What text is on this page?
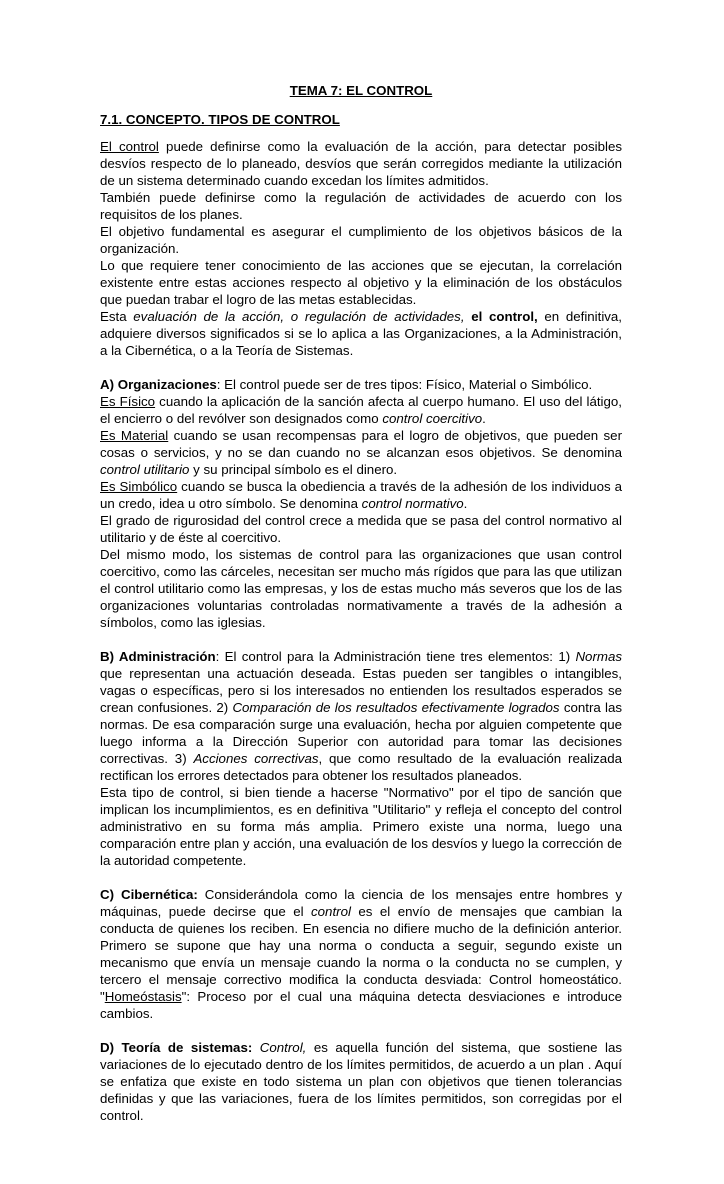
TEMA 7: EL CONTROL
7.1. CONCEPTO. TIPOS DE CONTROL

El control puede definirse como la evaluación de la acción, para detectar posibles desvíos respecto de lo planeado, desvíos que serán corregidos mediante la utilización de un sistema determinado cuando excedan los límites admitidos.

También puede definirse como la regulación de actividades de acuerdo con los requisitos de los planes.

El objetivo fundamental es asegurar el cumplimiento de los objetivos básicos de la organización.

Lo que requiere tener conocimiento de las acciones que se ejecutan, la correlación existente entre estas acciones respecto al objetivo y la eliminación de los obstáculos que puedan trabar el logro de las metas establecidas.

Esta evaluación de la acción, o regulación de actividades, el control, en definitiva, adquiere diversos significados si se lo aplica a las Organizaciones, a la Administración, a la Cibernética, o a la Teoría de Sistemas.

A) Organizaciones: El control puede ser de tres tipos: Físico, Material o Simbólico.

Es Físico cuando la aplicación de la sanción afecta al cuerpo humano. El uso del látigo, el encierro o del revólver son designados como control coercitivo.

Es Material cuando se usan recompensas para el logro de objetivos, que pueden ser cosas o servicios, y no se dan cuando no se alcanzan esos objetivos. Se denomina control utilitario y su principal símbolo es el dinero.

Es Simbólico cuando se busca la obediencia a través de la adhesión de los individuos a un credo, idea u otro símbolo. Se denomina control normativo.

El grado de rigurosidad del control crece a medida que se pasa del control normativo al utilitario y de éste al coercitivo.

Del mismo modo, los sistemas de control para las organizaciones que usan control coercitivo, como las cárceles, necesitan ser mucho más rígidos que para las que utilizan el control utilitario como las empresas, y los de estas mucho más severos que los de las organizaciones voluntarias controladas normativamente a través de la adhesión a símbolos, como las iglesias.

B) Administración: El control para la Administración tiene tres elementos: 1) Normas que representan una actuación deseada. Estas pueden ser tangibles o intangibles, vagas o específicas, pero si los interesados no entienden los resultados esperados se crean confusiones. 2) Comparación de los resultados efectivamente logrados contra las normas. De esa comparación surge una evaluación, hecha por alguien competente que luego informa a la Dirección Superior con autoridad para tomar las decisiones correctivas. 3) Acciones correctivas, que como resultado de la evaluación realizada rectifican los errores detectados para obtener los resultados planeados.

Esta tipo de control, si bien tiende a hacerse "Normativo" por el tipo de sanción que implican los incumplimientos, es en definitiva "Utilitario" y refleja el concepto del control administrativo en su forma más amplia. Primero existe una norma, luego una comparación entre plan y acción, una evaluación de los desvíos y luego la corrección de la autoridad competente.

C) Cibernética: Considerándola como la ciencia de los mensajes entre hombres y máquinas, puede decirse que el control es el envío de mensajes que cambian la conducta de quienes los reciben. En esencia no difiere mucho de la definición anterior. Primero se supone que hay una norma o conducta a seguir, segundo existe un mecanismo que envía un mensaje cuando la norma o la conducta no se cumplen, y tercero el mensaje correctivo modifica la conducta desviada: Control homeostático. "Homeóstasis": Proceso por el cual una máquina detecta desviaciones e introduce cambios.

D) Teoría de sistemas: Control, es aquella función del sistema, que sostiene las variaciones de lo ejecutado dentro de los límites permitidos, de acuerdo a un plan . Aquí se enfatiza que existe en todo sistema un plan con objetivos que tienen tolerancias definidas y que las variaciones, fuera de los límites permitidos, son corregidas por el control.
